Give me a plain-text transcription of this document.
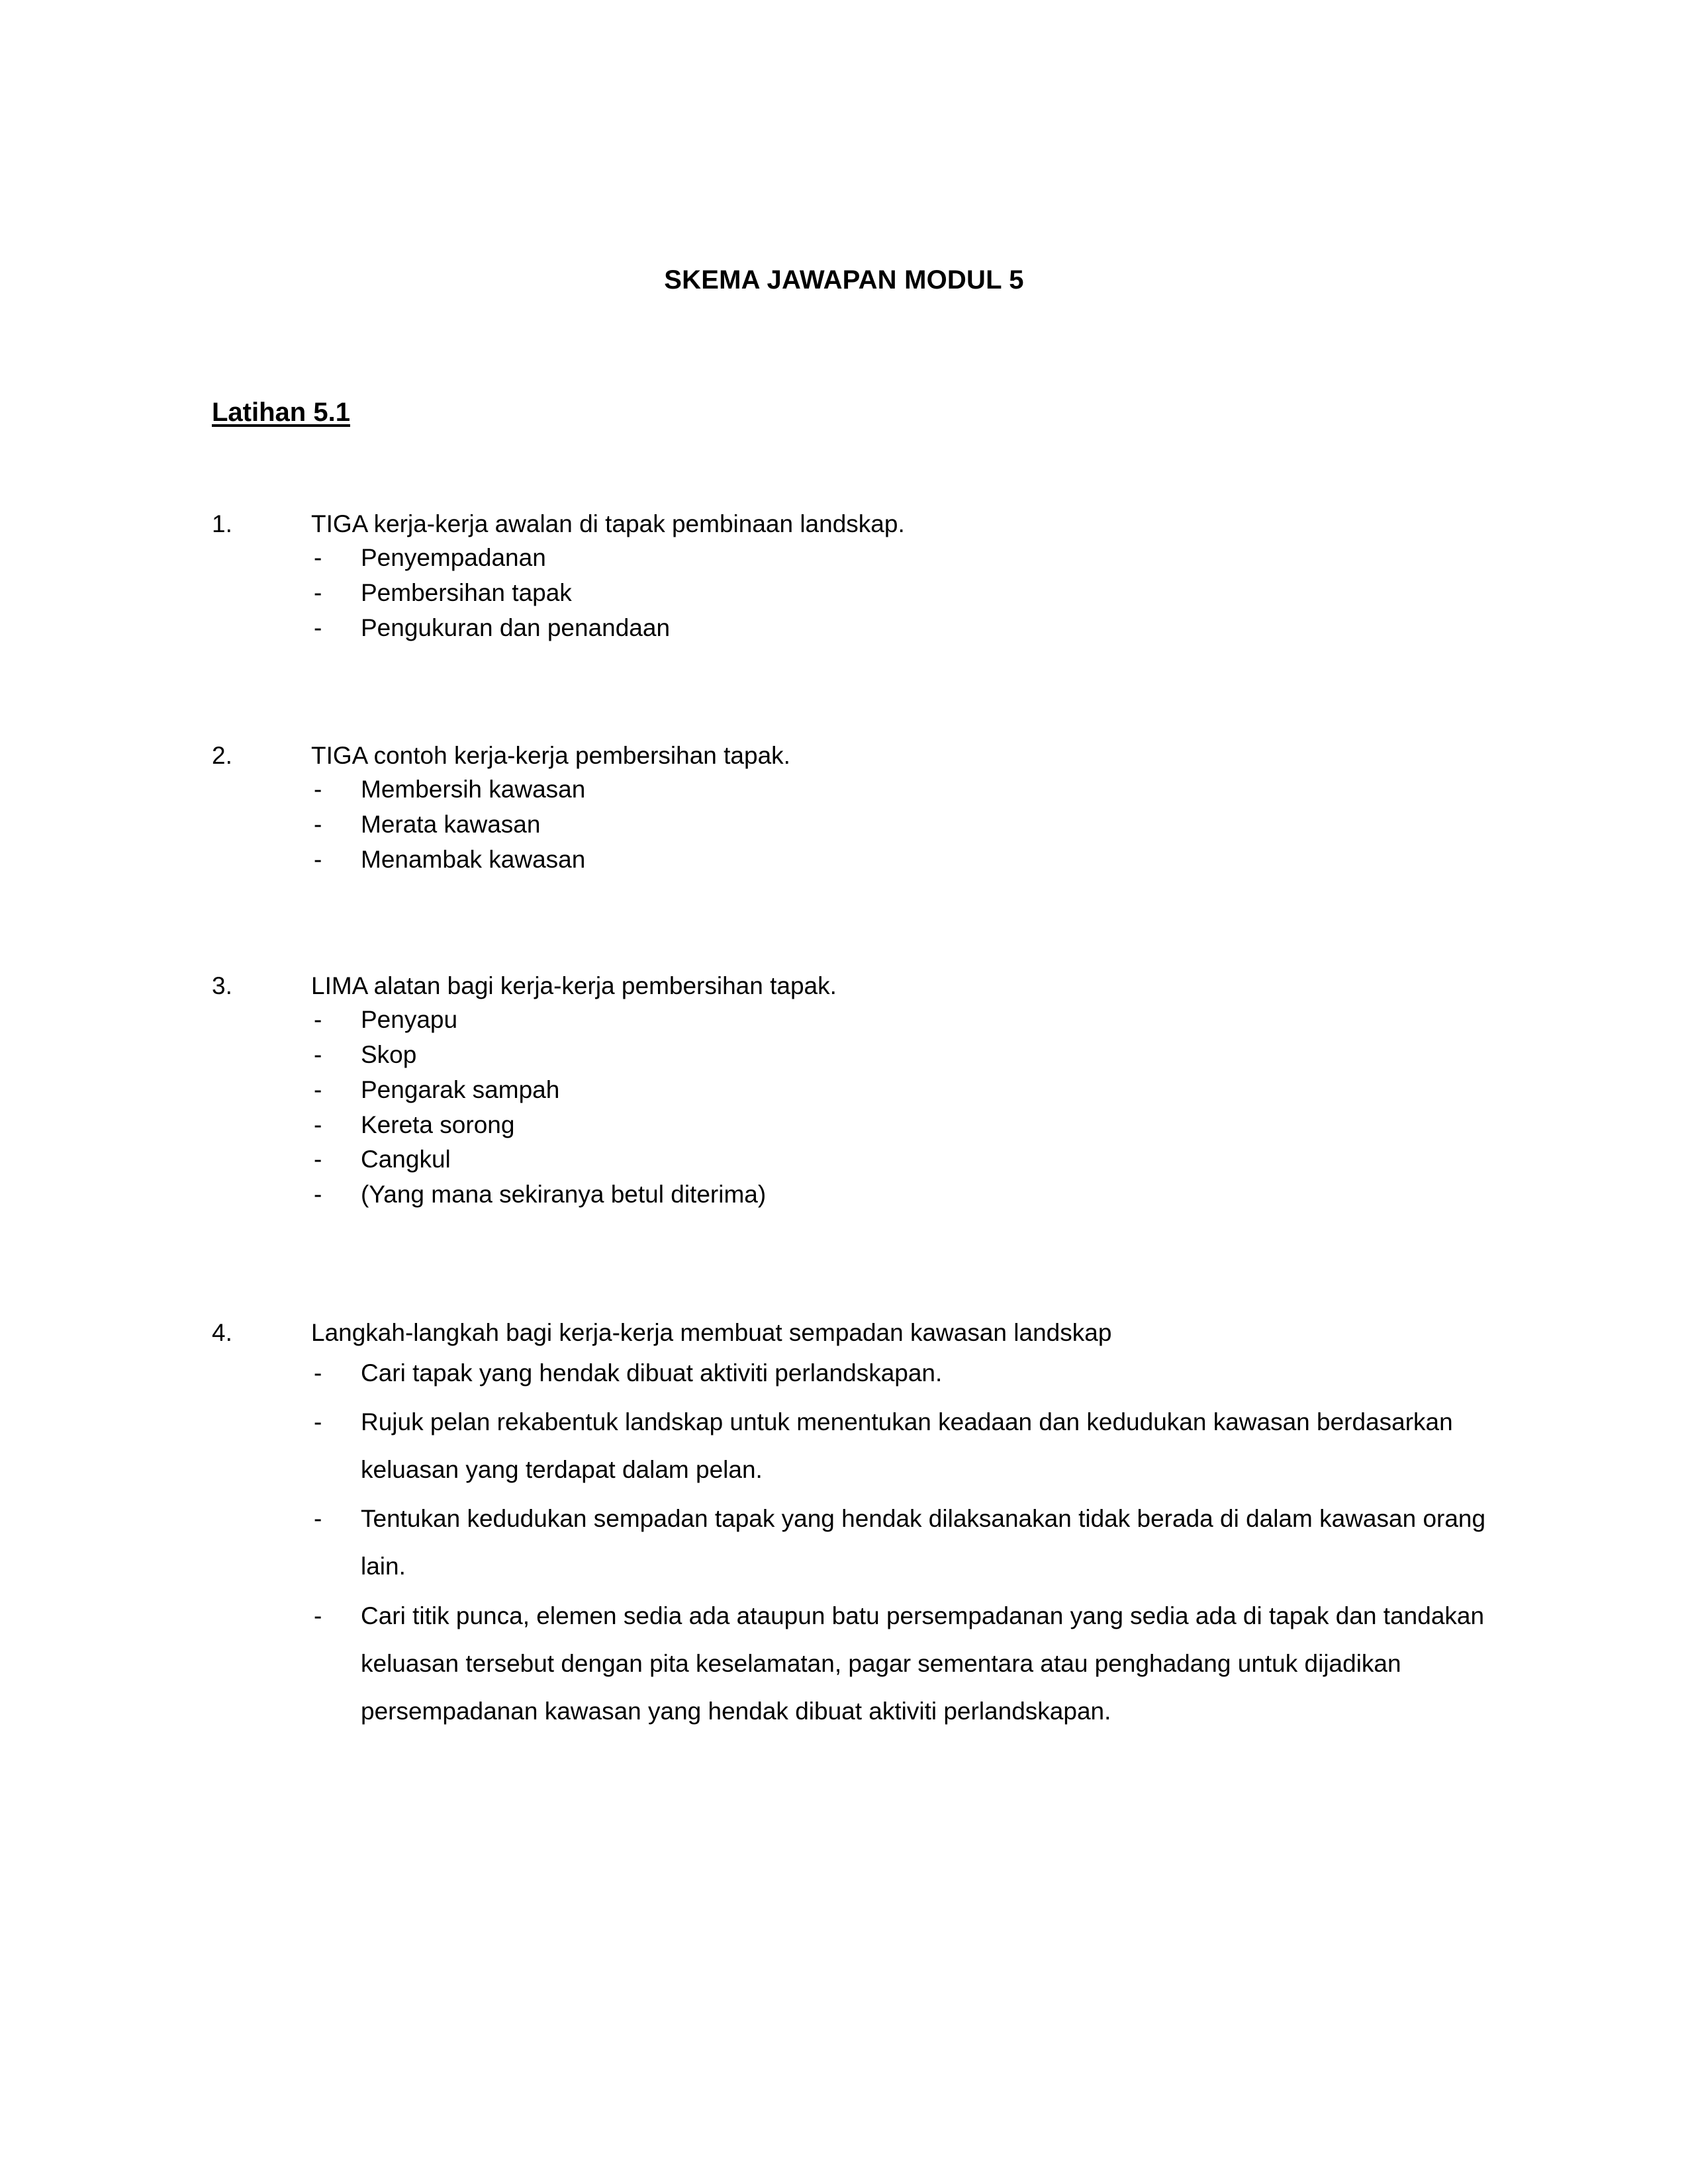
SKEMA JAWAPAN MODUL 5
Latihan 5.1
1.	TIGA kerja-kerja awalan di tapak pembinaan landskap.
-	Penyempadanan
-	Pembersihan tapak
-	Pengukuran dan penandaan
2.	TIGA contoh kerja-kerja pembersihan tapak.
-	Membersih kawasan
-	Merata kawasan
-	Menambak kawasan
3.	LIMA alatan bagi kerja-kerja pembersihan tapak.
-	Penyapu
-	Skop
-	Pengarak sampah
-	Kereta sorong
-	Cangkul
-	(Yang mana sekiranya betul diterima)
4.	Langkah-langkah bagi kerja-kerja membuat sempadan kawasan landskap
-	Cari tapak yang hendak dibuat aktiviti perlandskapan.
-	Rujuk pelan rekabentuk landskap untuk menentukan keadaan dan kedudukan kawasan berdasarkan keluasan yang terdapat dalam pelan.
-	Tentukan kedudukan sempadan tapak yang hendak dilaksanakan tidak berada di dalam kawasan orang lain.
-	Cari titik punca, elemen sedia ada ataupun batu persempadanan yang sedia ada di tapak dan tandakan keluasan tersebut dengan pita keselamatan, pagar sementara atau penghadang untuk dijadikan persempadanan kawasan yang hendak dibuat aktiviti perlandskapan.
